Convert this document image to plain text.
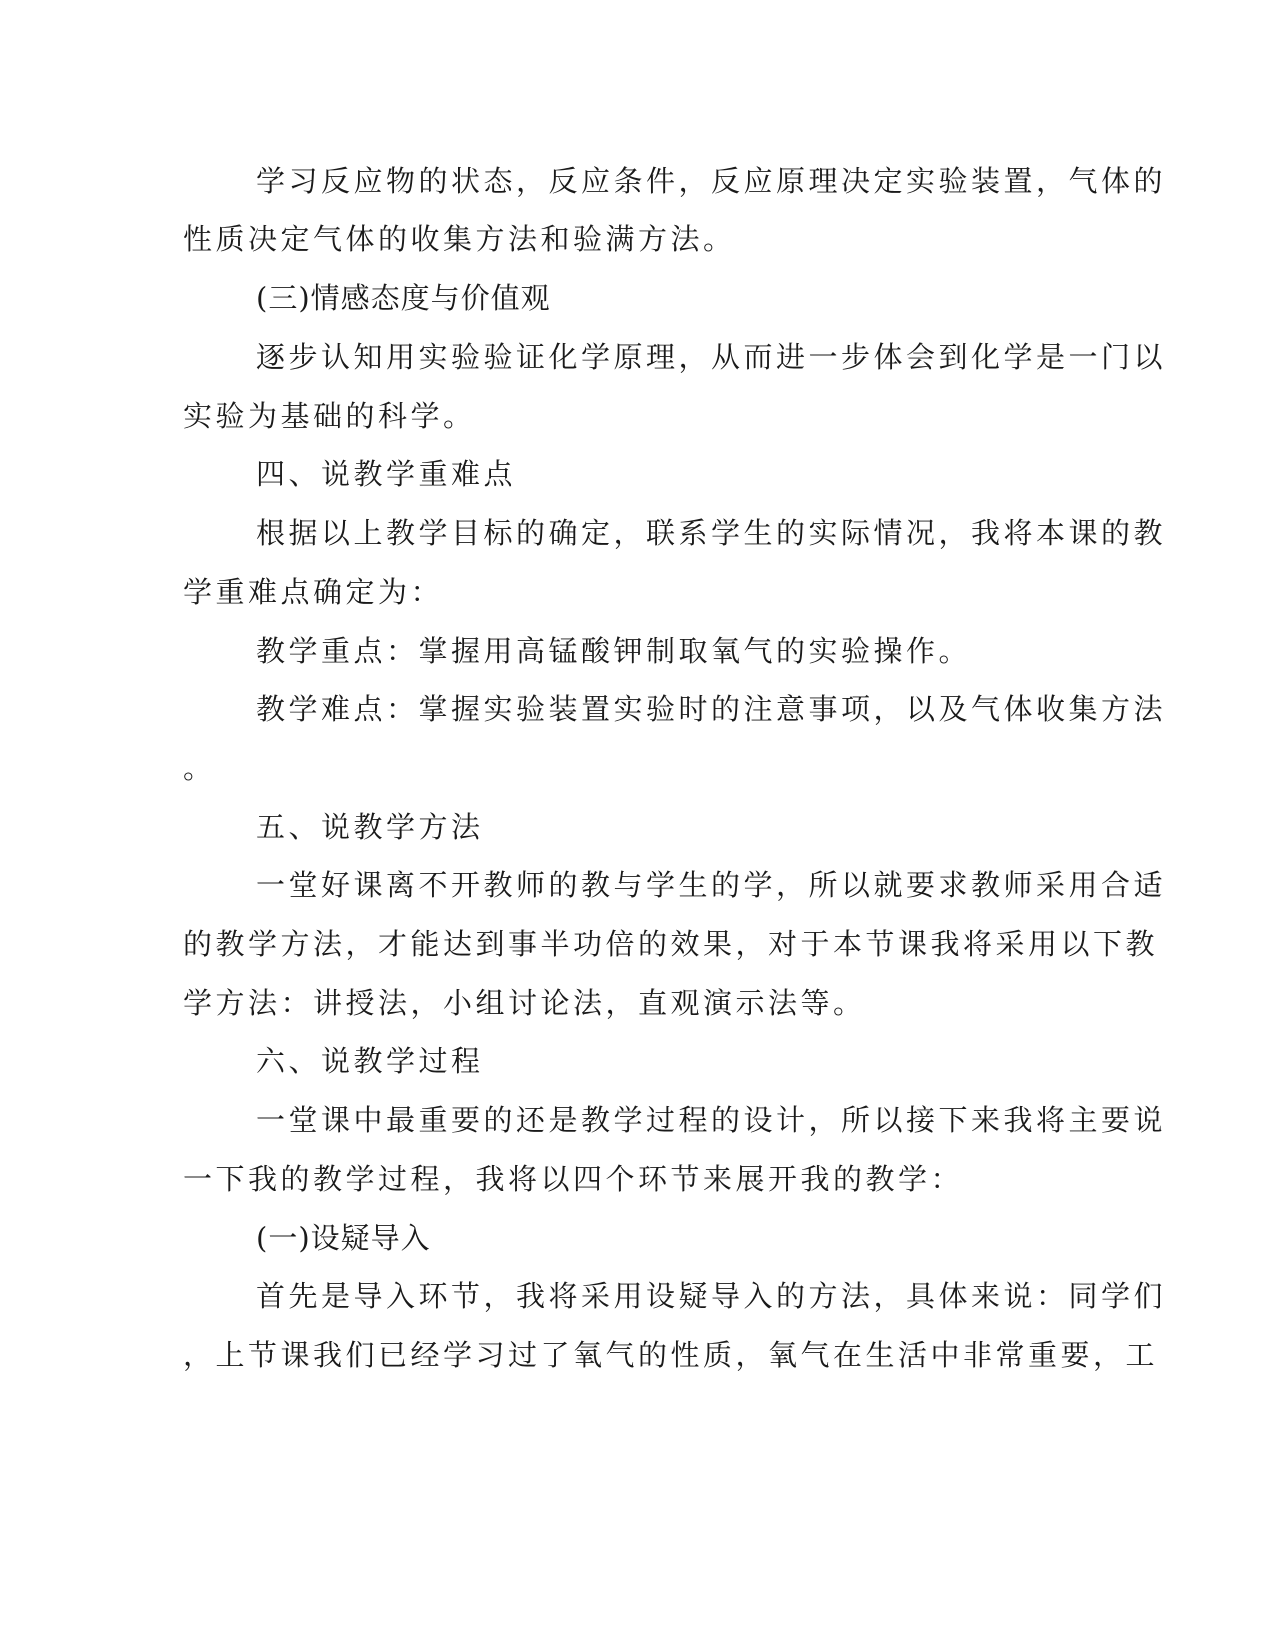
学习反应物的状态，反应条件，反应原理决定实验装置，气体的

性质决定气体的收集方法和验满方法。

(三)情感态度与价值观

逐步认知用实验验证化学原理，从而进一步体会到化学是一门以

实验为基础的科学。

四、说教学重难点

根据以上教学目标的确定，联系学生的实际情况，我将本课的教

学重难点确定为：

教学重点：掌握用高锰酸钾制取氧气的实验操作。

教学难点：掌握实验装置实验时的注意事项，以及气体收集方法

。

五、说教学方法

一堂好课离不开教师的教与学生的学，所以就要求教师采用合适

的教学方法，才能达到事半功倍的效果，对于本节课我将采用以下教

学方法：讲授法，小组讨论法，直观演示法等。

六、说教学过程

一堂课中最重要的还是教学过程的设计，所以接下来我将主要说

一下我的教学过程，我将以四个环节来展开我的教学：

(一)设疑导入

首先是导入环节，我将采用设疑导入的方法，具体来说：同学们

，上节课我们已经学习过了氧气的性质，氧气在生活中非常重要，工
